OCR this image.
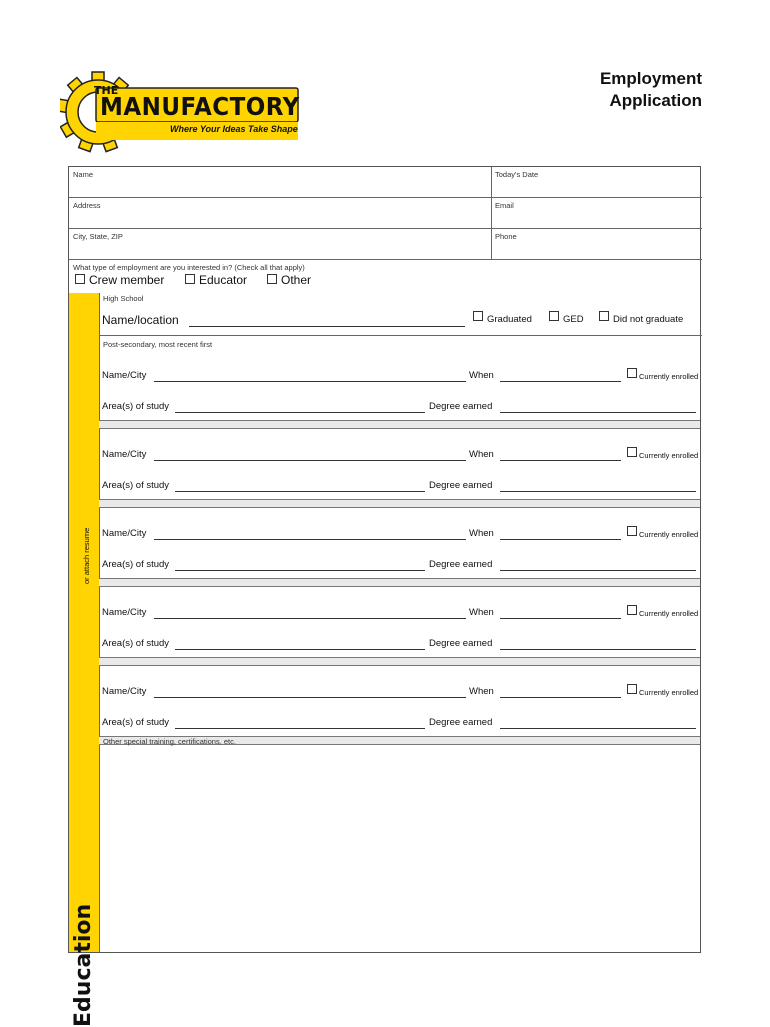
THE
MANUFACTORY
Where Your Ideas Take Shape
Employment
Application
Name	Today's Date
Address	Email
City, State, ZIP	Phone
What type of employment are you interested in? (Check all that apply)
Crew member	Educator	Other
Education
High School
Name/location	Graduated	GED	Did not graduate
Post-secondary, most recent first
Name/City	When	Currently enrolled
Area(s) of study	Degree earned
Name/City	When	Currently enrolled
Area(s) of study	Degree earned
Name/City	When	Currently enrolled
Area(s) of study	Degree earned
Name/City	When	Currently enrolled
Area(s) of study	Degree earned
Name/City	When	Currently enrolled
Area(s) of study	Degree earned
Other special training, certifications, etc.
or attach resume
